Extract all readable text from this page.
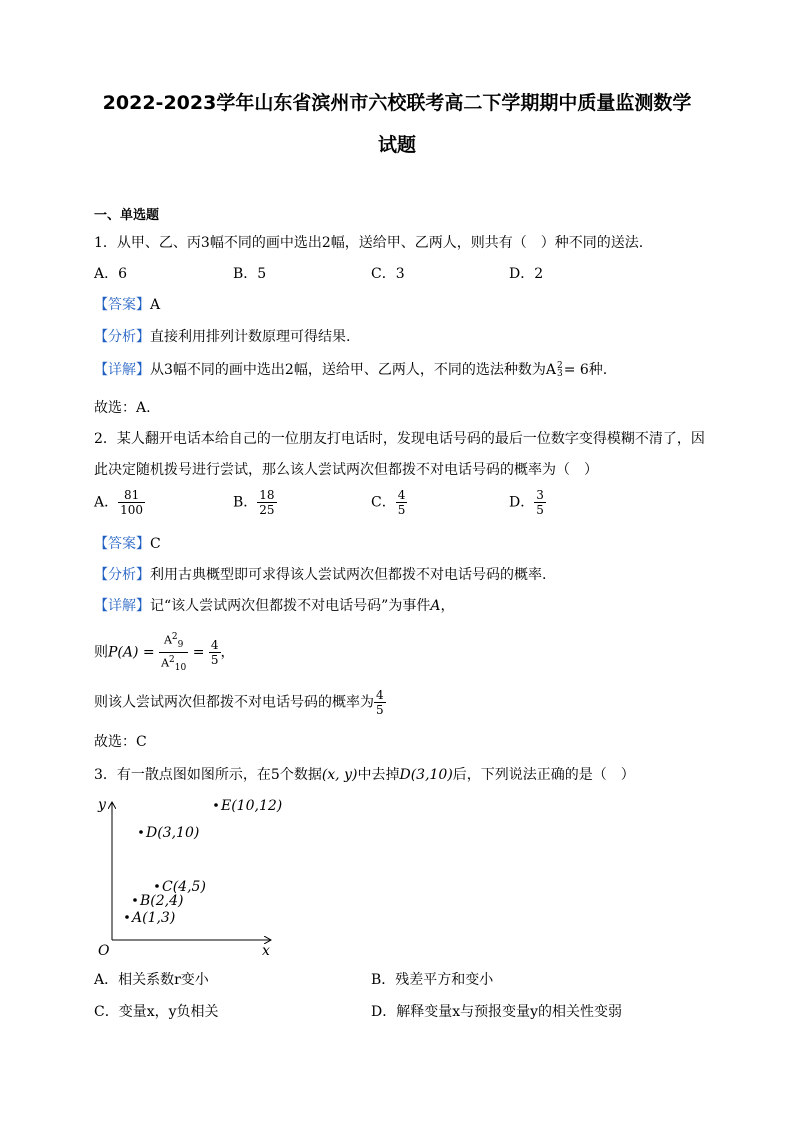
2022-2023学年山东省滨州市六校联考高二下学期期中质量监测数学
试题
一、单选题
1．从甲、乙、丙3幅不同的画中选出2幅，送给甲、乙两人，则共有（　）种不同的送法.
A．6	B．5	C．3	D．2
【答案】A
【分析】直接利用排列计数原理可得结果.
【详解】从3幅不同的画中选出2幅，送给甲、乙两人，不同的选法种数为A 2
3 = 6种.
故选：A.
2．某人翻开电话本给自己的一位朋友打电话时，发现电话号码的最后一位数字变得模糊不清了，因
此决定随机拨号进行尝试，那么该人尝试两次但都拨不对电话号码的概率为（　）
A． $\frac{81}{100}$	B． $\frac{18}{25}$	C． $\frac{4}{5}$	D． $\frac{3}{5}$
【答案】C
【分析】利用古典概型即可求得该人尝试两次但都拨不对电话号码的概率.
【详解】记“该人尝试两次但都拨不对电话号码”为事件A，
则$P(A) = \frac{A^2_9}{A^2_{10}} = \frac{4}{5}$ ，
则该人尝试两次但都拨不对电话号码的概率为 $\frac{4}{5}$
故选：C
3．有一散点图如图所示，在5个数据(x, y)中去掉D(3,10)后，下列说法正确的是（　）
y
x
O
A(1,3)
B(2,4)
C(4,5)
D(3,10)
E(10,12)
A．相关系数r变小	B．残差平方和变小
C．变量x，y负相关	D．解释变量x与预报变量y的相关性变弱
